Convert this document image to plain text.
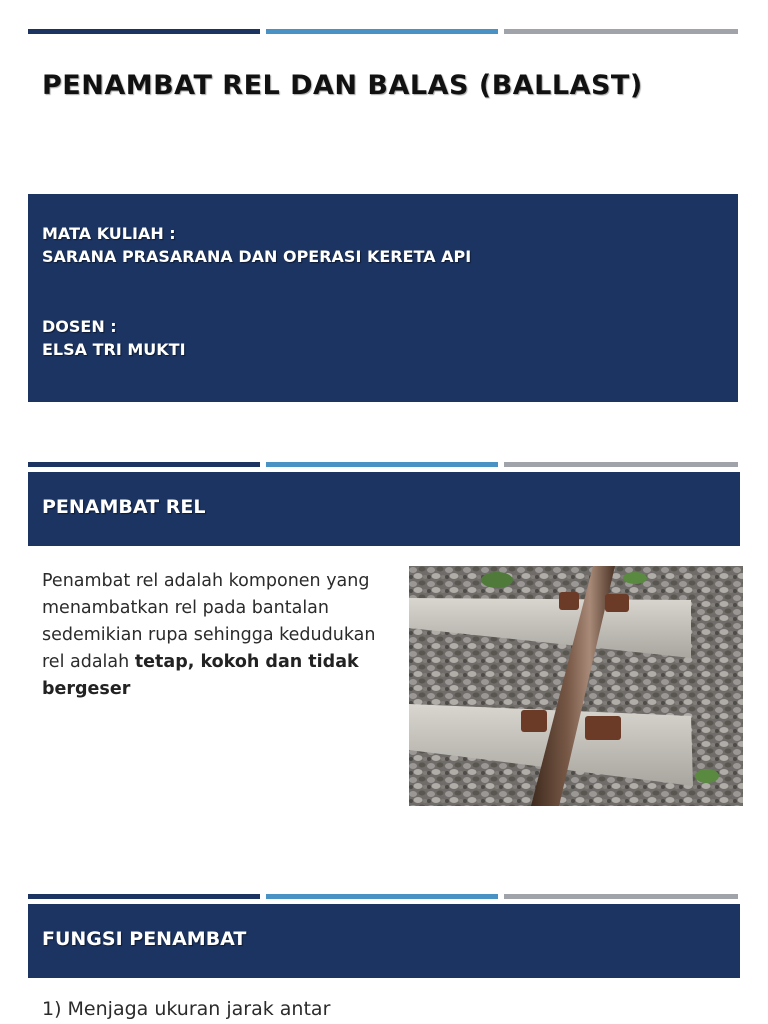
PENAMBAT REL DAN BALAS (BALLAST)
MATA KULIAH :
SARANA PRASARANA DAN OPERASI KERETA API
DOSEN :
ELSA TRI MUKTI
PENAMBAT REL

Penambat rel adalah komponen yang menambatkan rel pada bantalan sedemikian rupa sehingga kedudukan rel adalah tetap, kokoh dan tidak bergeser

FUNGSI PENAMBAT

1) Menjaga ukuran jarak antar
